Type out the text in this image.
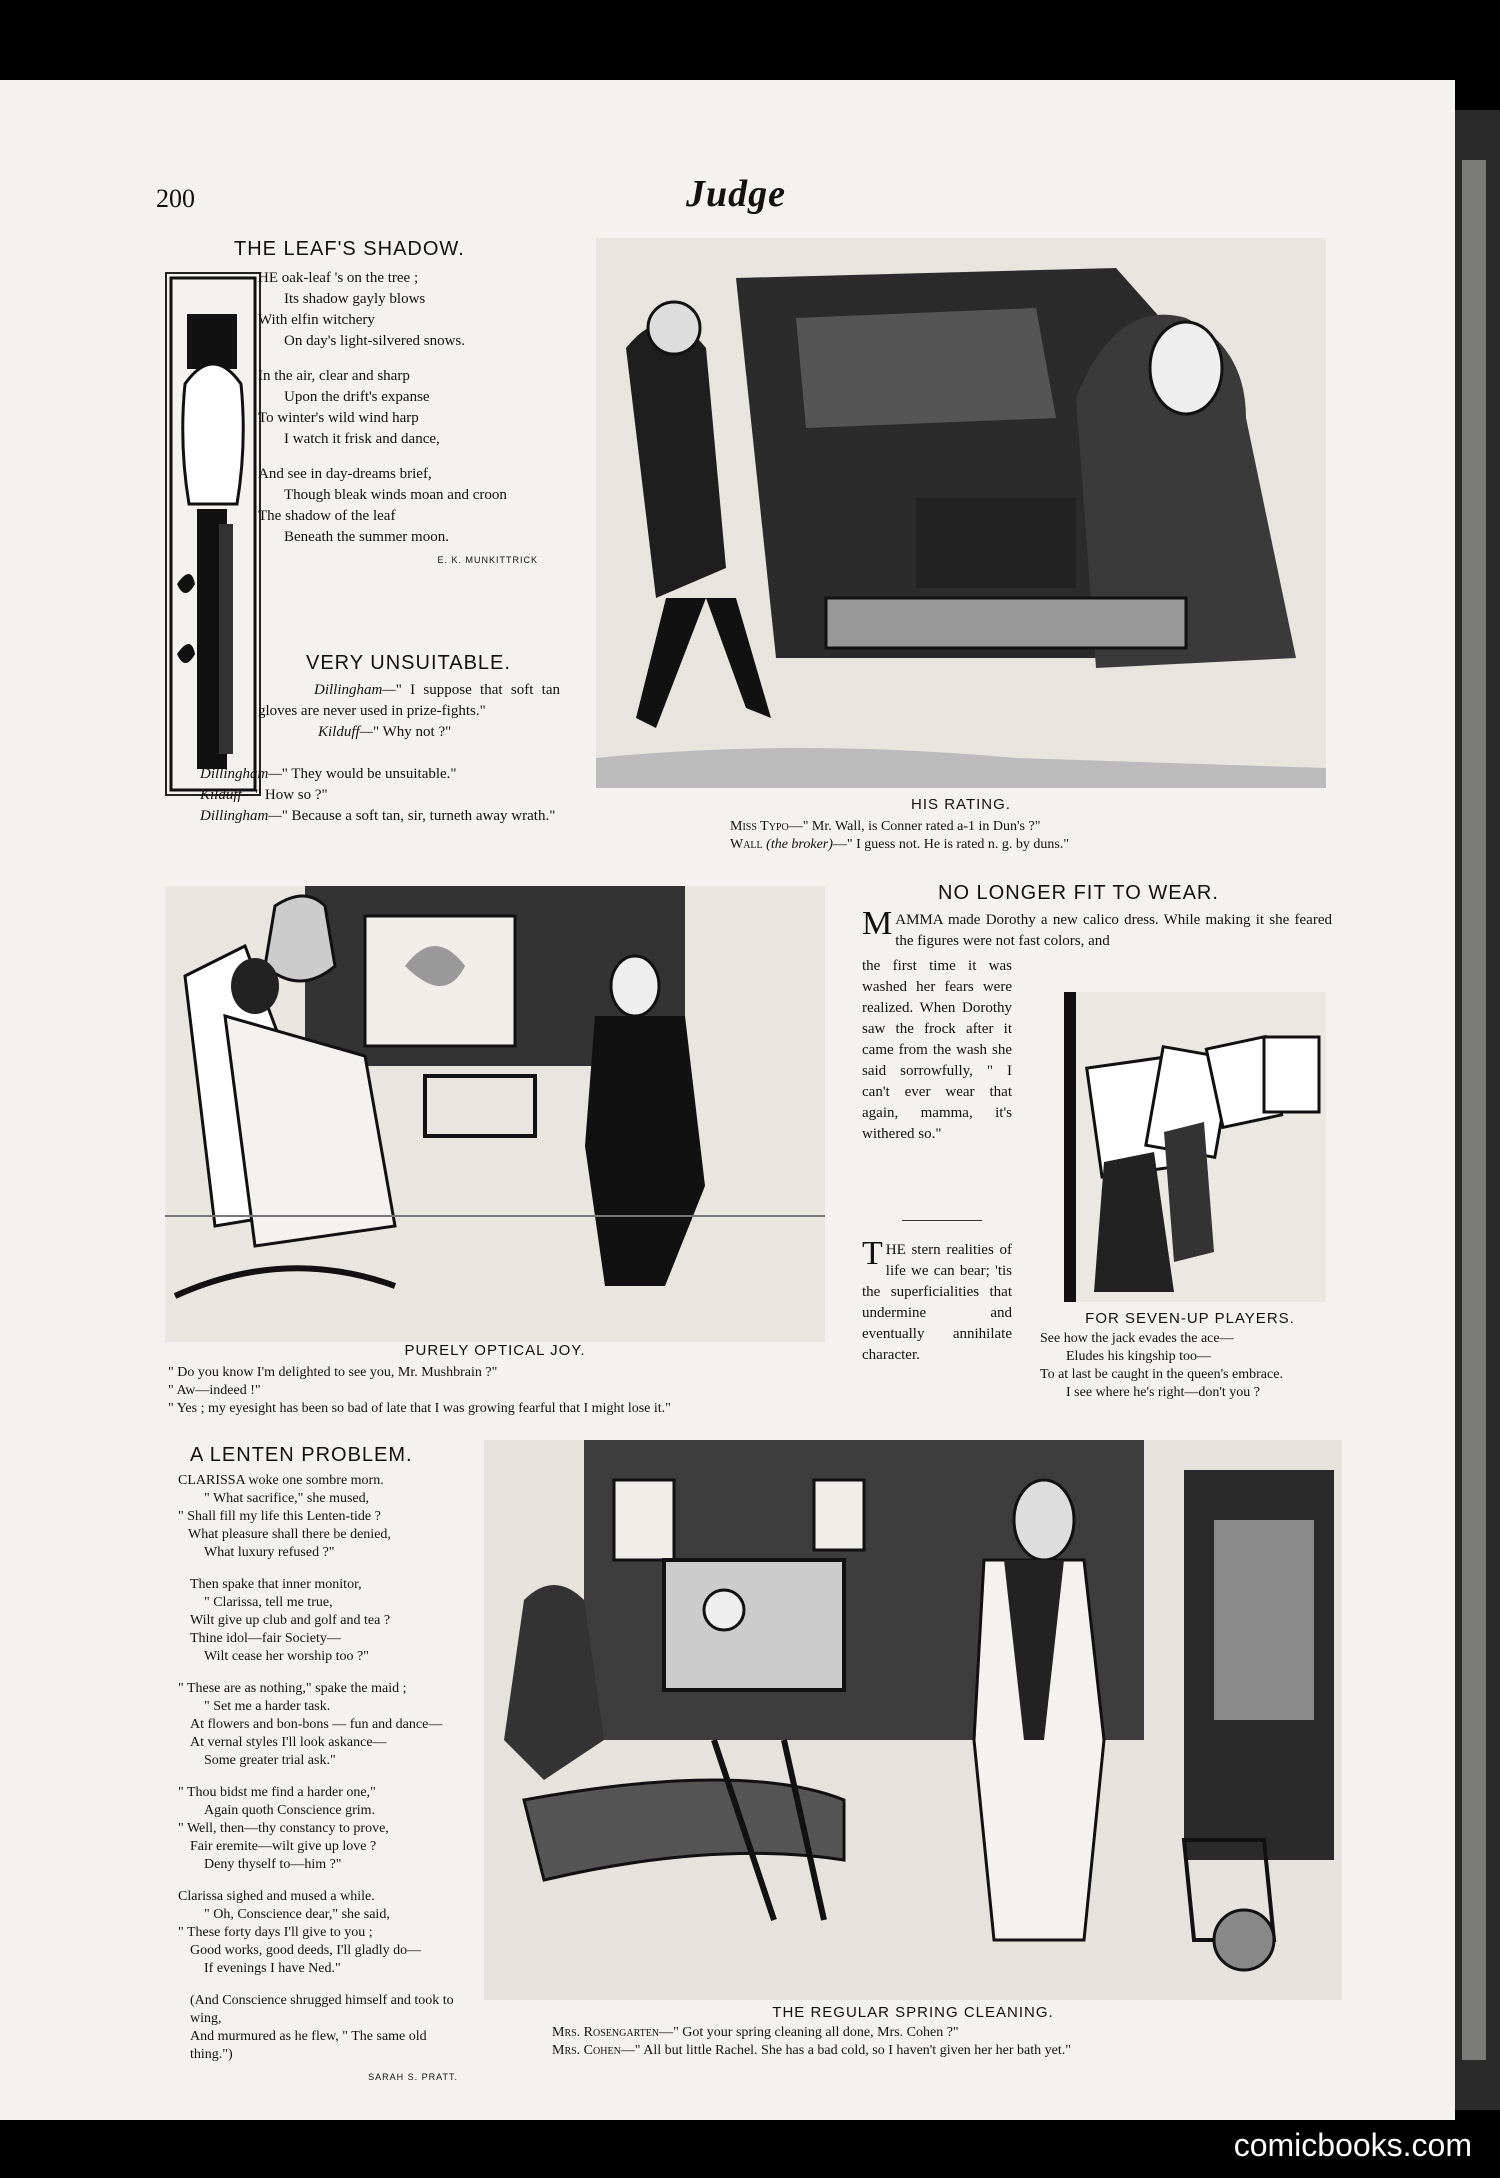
200	Judge
THE LEAF'S SHADOW.
HE oak-leaf 's on the tree ;
Its shadow gayly blows
With elfin witchery
On day's light-silvered snows.
In the air, clear and sharp
Upon the drift's expanse
To winter's wild wind harp
I watch it frisk and dance,
And see in day-dreams brief,
Though bleak winds moan and croon
The shadow of the leaf
Beneath the summer moon.
E. K. MUNKITTRICK
VERY UNSUITABLE.
Dillingham—" I suppose that soft tan gloves are never used in prize-fights."
Kilduff—" Why not ?"
Dillingham—" They would be unsuitable."
Kilduff—" How so ?"
Dillingham—" Because a soft tan, sir, turneth away wrath."
HIS RATING.
Miss Typo—" Mr. Wall, is Conner rated a-1 in Dun's ?"
Wall (the broker)—" I guess not. He is rated n. g. by duns."
PURELY OPTICAL JOY.
" Do you know I'm delighted to see you, Mr. Mushbrain ?"
" Aw—indeed !"
" Yes ; my eyesight has been so bad of late that I was growing fearful that I might lose it."
NO LONGER FIT TO WEAR.
MAMMA made Dorothy a new calico dress. While making it she feared the figures were not fast colors, and
the first time it was washed her fears were realized. When Dorothy saw the frock after it came from the wash she said sorrowfully, " I can't ever wear that again, mamma, it's withered so."
THE stern realities of life we can bear; 'tis the superficialities that undermine and eventually annihilate character.
FOR SEVEN-UP PLAYERS.
See how the jack evades the ace—
Eludes his kingship too—
To at last be caught in the queen's embrace.
I see where he's right—don't you ?
A LENTEN PROBLEM.
CLARISSA woke one sombre morn.
" What sacrifice," she mused,
" Shall fill my life this Lenten-tide ?
What pleasure shall there be denied,
What luxury refused ?"
Then spake that inner monitor,
" Clarissa, tell me true,
Wilt give up club and golf and tea ?
Thine idol—fair Society—
Wilt cease her worship too ?"
" These are as nothing," spake the maid ;
" Set me a harder task.
At flowers and bon-bons — fun and dance—
At vernal styles I'll look askance—
Some greater trial ask."
" Thou bidst me find a harder one,"
Again quoth Conscience grim.
" Well, then—thy constancy to prove,
Fair eremite—wilt give up love ?
Deny thyself to—him ?"
Clarissa sighed and mused a while.
" Oh, Conscience dear," she said,
" These forty days I'll give to you ;
Good works, good deeds, I'll gladly do—
If evenings I have Ned."
(And Conscience shrugged himself and took to wing,
And murmured as he flew, " The same old thing.")
SARAH S. PRATT.
THE REGULAR SPRING CLEANING.
Mrs. Rosengarten—" Got your spring cleaning all done, Mrs. Cohen ?"
Mrs. Cohen—" All but little Rachel. She has a bad cold, so I haven't given her her bath yet."
comicbooks.com
